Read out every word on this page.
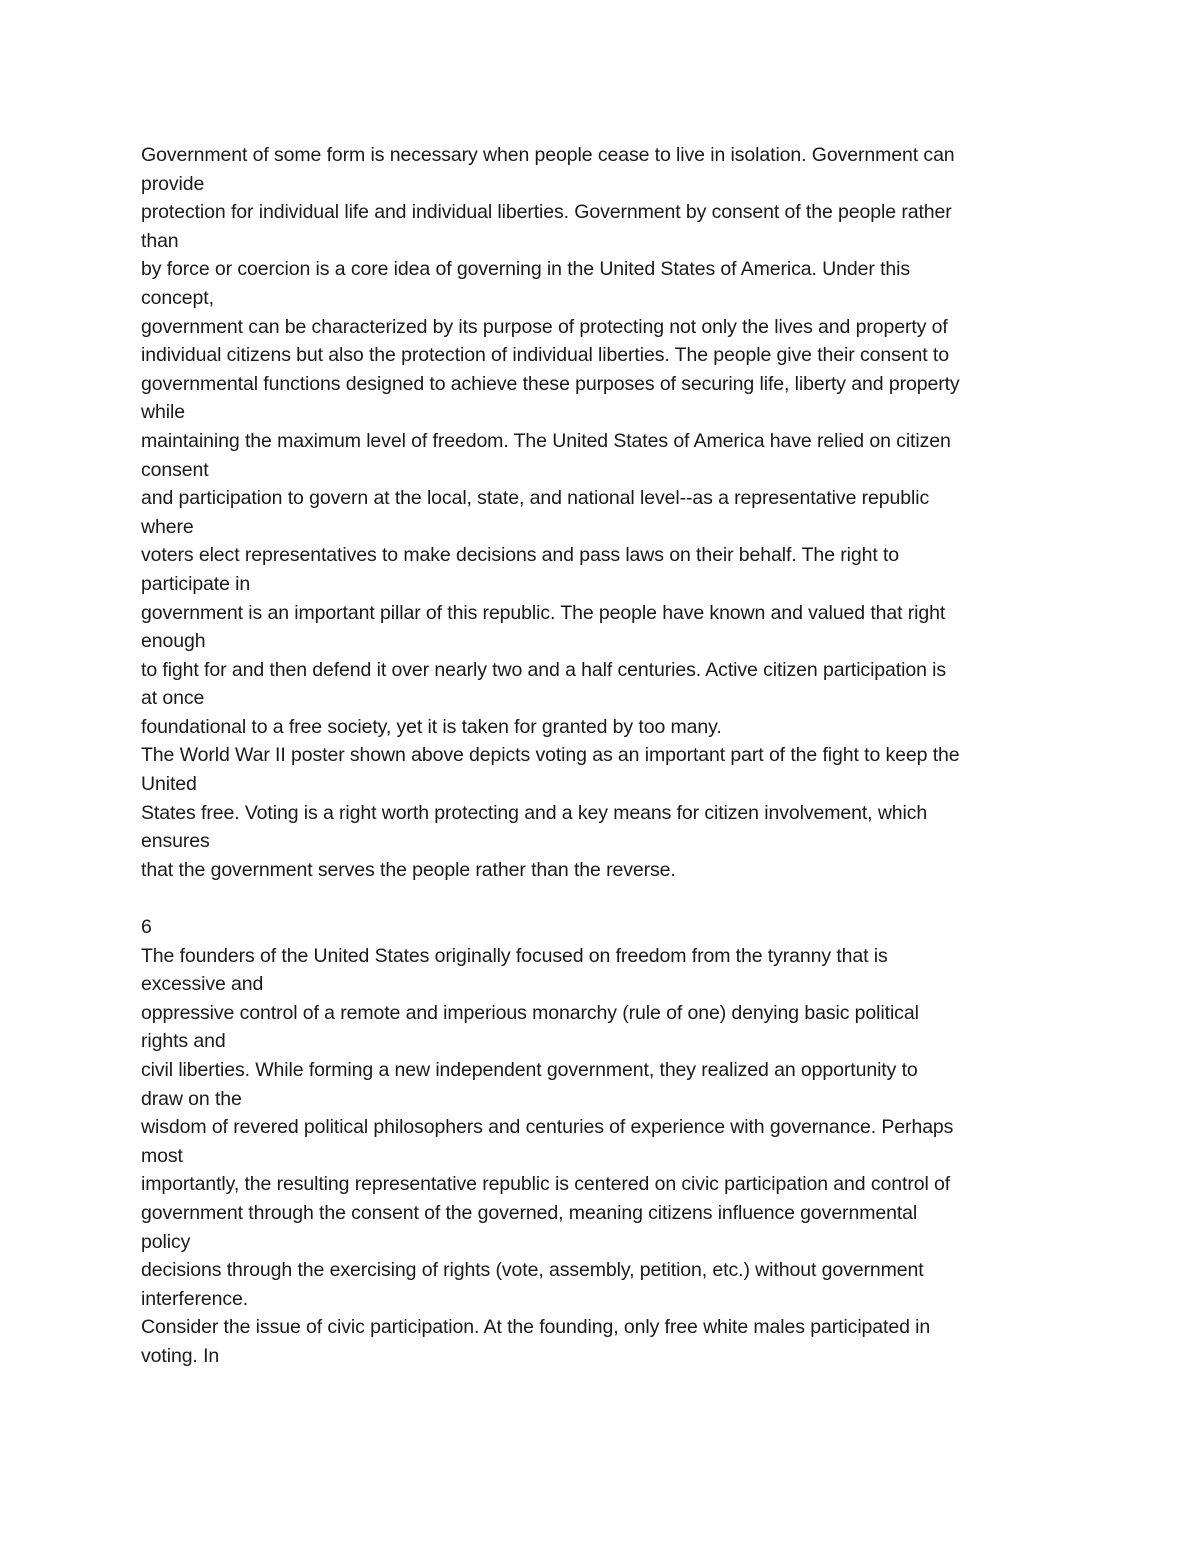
Government of some form is necessary when people cease to live in isolation. Government can
provide
protection for individual life and individual liberties. Government by consent of the people rather
than
by force or coercion is a core idea of governing in the United States of America. Under this
concept,
government can be characterized by its purpose of protecting not only the lives and property of
individual citizens but also the protection of individual liberties. The people give their consent to
governmental functions designed to achieve these purposes of securing life, liberty and property
while
maintaining the maximum level of freedom. The United States of America have relied on citizen
consent
and participation to govern at the local, state, and national level--as a representative republic
where
voters elect representatives to make decisions and pass laws on their behalf. The right to
participate in
government is an important pillar of this republic. The people have known and valued that right
enough
to fight for and then defend it over nearly two and a half centuries. Active citizen participation is
at once
foundational to a free society, yet it is taken for granted by too many.
The World War II poster shown above depicts voting as an important part of the fight to keep the
United
States free. Voting is a right worth protecting and a key means for citizen involvement, which
ensures
that the government serves the people rather than the reverse.
6
The founders of the United States originally focused on freedom from the tyranny that is
excessive and
oppressive control of a remote and imperious monarchy (rule of one) denying basic political
rights and
civil liberties. While forming a new independent government, they realized an opportunity to
draw on the
wisdom of revered political philosophers and centuries of experience with governance. Perhaps
most
importantly, the resulting representative republic is centered on civic participation and control of
government through the consent of the governed, meaning citizens influence governmental
policy
decisions through the exercising of rights (vote, assembly, petition, etc.) without government
interference.
Consider the issue of civic participation. At the founding, only free white males participated in
voting. In
